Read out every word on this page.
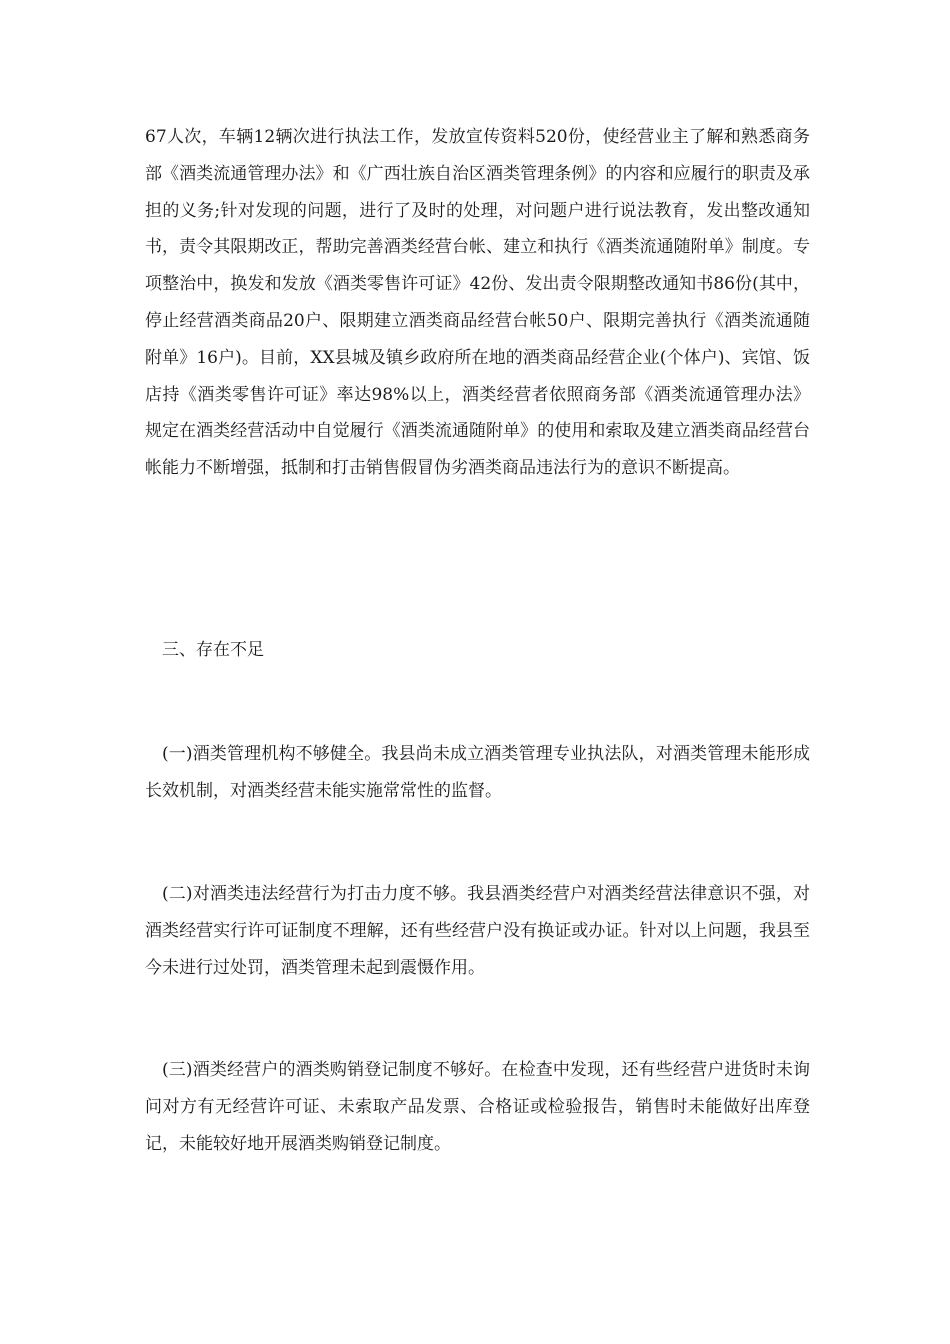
67人次，车辆12辆次进行执法工作，发放宣传资料520份，使经营业主了解和熟悉商务部《酒类流通管理办法》和《广西壮族自治区酒类管理条例》的内容和应履行的职责及承担的义务;针对发现的问题，进行了及时的处理，对问题户进行说法教育，发出整改通知书，责令其限期改正，帮助完善酒类经营台帐、建立和执行《酒类流通随附单》制度。专项整治中，换发和发放《酒类零售许可证》42份、发出责令限期整改通知书86份(其中，停止经营酒类商品20户、限期建立酒类商品经营台帐50户、限期完善执行《酒类流通随附单》16户)。目前，XX县城及镇乡政府所在地的酒类商品经营企业(个体户)、宾馆、饭店持《酒类零售许可证》率达98%以上，酒类经营者依照商务部《酒类流通管理办法》规定在酒类经营活动中自觉履行《酒类流通随附单》的使用和索取及建立酒类商品经营台帐能力不断增强，抵制和打击销售假冒伪劣酒类商品违法行为的意识不断提高。

三、存在不足

(一)酒类管理机构不够健全。我县尚未成立酒类管理专业执法队，对酒类管理未能形成长效机制，对酒类经营未能实施常常性的监督。

(二)对酒类违法经营行为打击力度不够。我县酒类经营户对酒类经营法律意识不强，对酒类经营实行许可证制度不理解，还有些经营户没有换证或办证。针对以上问题，我县至今未进行过处罚，酒类管理未起到震慑作用。

(三)酒类经营户的酒类购销登记制度不够好。在检查中发现，还有些经营户进货时未询问对方有无经营许可证、未索取产品发票、合格证或检验报告，销售时未能做好出库登记，未能较好地开展酒类购销登记制度。
